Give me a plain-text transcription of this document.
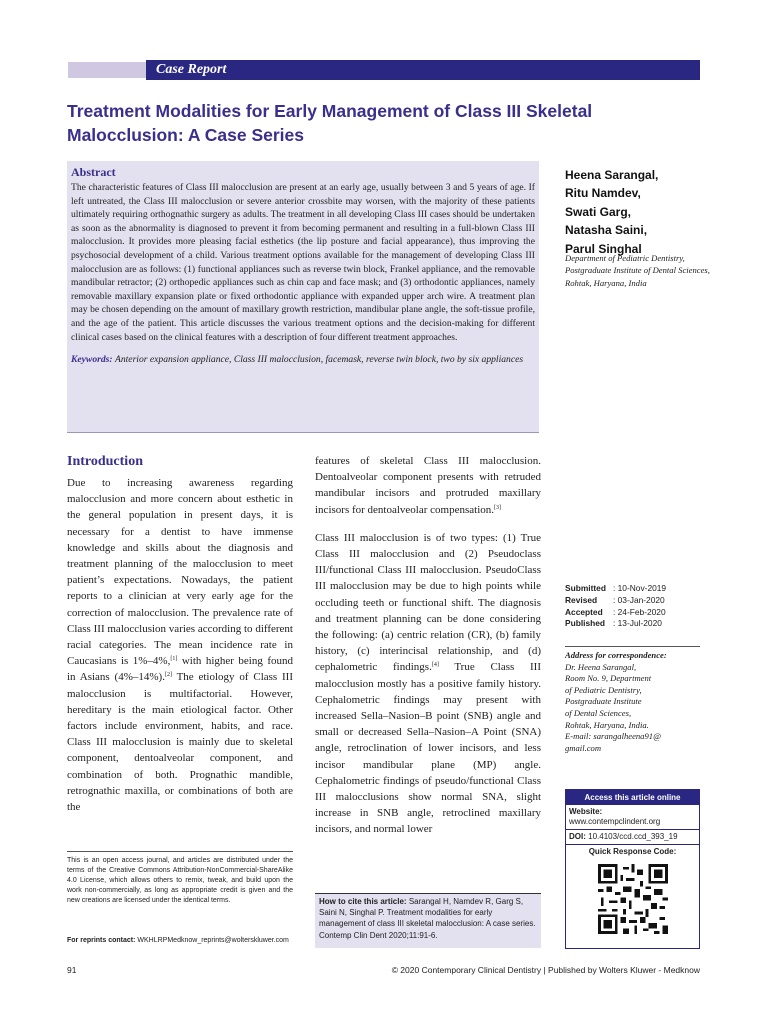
Case Report
Treatment Modalities for Early Management of Class III Skeletal Malocclusion: A Case Series
Abstract

The characteristic features of Class III malocclusion are present at an early age, usually between 3 and 5 years of age. If left untreated, the Class III malocclusion or severe anterior crossbite may worsen, with the majority of these patients ultimately requiring orthognathic surgery as adults. The treatment in all developing Class III cases should be undertaken as soon as the abnormality is diagnosed to prevent it from becoming permanent and resulting in a full-blown Class III malocclusion. It provides more pleasing facial esthetics (the lip posture and facial appearance), thus improving the psychosocial development of a child. Various treatment options available for the management of developing Class III malocclusion are as follows: (1) functional appliances such as reverse twin block, Frankel appliance, and the removable mandibular retractor; (2) orthopedic appliances such as chin cap and face mask; and (3) orthodontic appliances, namely removable maxillary expansion plate or fixed orthodontic appliance with expanded upper arch wire. A treatment plan may be chosen depending on the amount of maxillary growth restriction, mandibular plane angle, the soft-tissue profile, and the age of the patient. This article discusses the various treatment options and the decision-making for different clinical cases based on the clinical features with a description of four different treatment approaches.

Keywords: Anterior expansion appliance, Class III malocclusion, facemask, reverse twin block, two by six appliances
Heena Sarangal,
Ritu Namdev,
Swati Garg,
Natasha Saini,
Parul Singhal
Department of Pediatric Dentistry, Postgraduate Institute of Dental Sciences, Rohtak, Haryana, India
Introduction
Due to increasing awareness regarding malocclusion and more concern about esthetic in the general population in present days, it is necessary for a dentist to have immense knowledge and skills about the diagnosis and treatment planning of the malocclusion to meet patient’s expectations. Nowadays, the patient reports to a clinician at very early age for the correction of malocclusion. The prevalence rate of Class III malocclusion varies according to different racial categories. The mean incidence rate in Caucasians is 1%–4%,[1] with higher being found in Asians (4%–14%).[2] The etiology of Class III malocclusion is multifactorial. However, hereditary is the main etiological factor. Other factors include environment, habits, and race. Class III malocclusion is mainly due to skeletal component, dentoalveolar component, and combination of both. Prognathic mandible, retrognathic maxilla, or combinations of both are the

features of skeletal Class III malocclusion. Dentoalveolar component presents with retruded mandibular incisors and protruded maxillary incisors for dentoalveolar compensation.[3]

Class III malocclusion is of two types: (1) True Class III malocclusion and (2) Pseudoclass III/functional Class III malocclusion. PseudoClass III malocclusion may be due to high points while occluding teeth or functional shift. The diagnosis and treatment planning can be done considering the following: (a) centric relation (CR), (b) family history, (c) interincisal relationship, and (d) cephalometric findings.[4] True Class III malocclusion mostly has a positive family history. Cephalometric findings may present with increased Sella–Nasion–B point (SNB) angle and small or decreased Sella–Nasion–A Point (SNA) angle, retroclination of lower incisors, and less incisor mandibular plane (MP) angle. Cephalometric findings of pseudo/functional Class III malocclusions show normal SNA, slight increase in SNB angle, retroclined maxillary incisors, and normal lower

This is an open access journal, and articles are distributed under the terms of the Creative Commons Attribution-NonCommercial-ShareAlike 4.0 License, which allows others to remix, tweak, and build upon the work non-commercially, as long as appropriate credit is given and the new creations are licensed under the identical terms.
For reprints contact: WKHLRPMedknow_reprints@wolterskluwer.com
How to cite this article: Sarangal H, Namdev R, Garg S, Saini N, Singhal P. Treatment modalities for early management of class III skeletal malocclusion: A case series. Contemp Clin Dent 2020;11:91-6.
Submitted : 10-Nov-2019
Revised : 03-Jan-2020
Accepted : 24-Feb-2020
Published : 13-Jul-2020
Address for correspondence:
Dr. Heena Sarangal,
Room No. 9, Department
of Pediatric Dentistry,
Postgraduate Institute
of Dental Sciences,
Rohtak, Haryana, India.
E-mail: sarangalheena91@
gmail.com
Access this article online
Website:
www.contempclindent.org
DOI: 10.4103/ccd.ccd_393_19
Quick Response Code:
91	© 2020 Contemporary Clinical Dentistry | Published by Wolters Kluwer - Medknow
